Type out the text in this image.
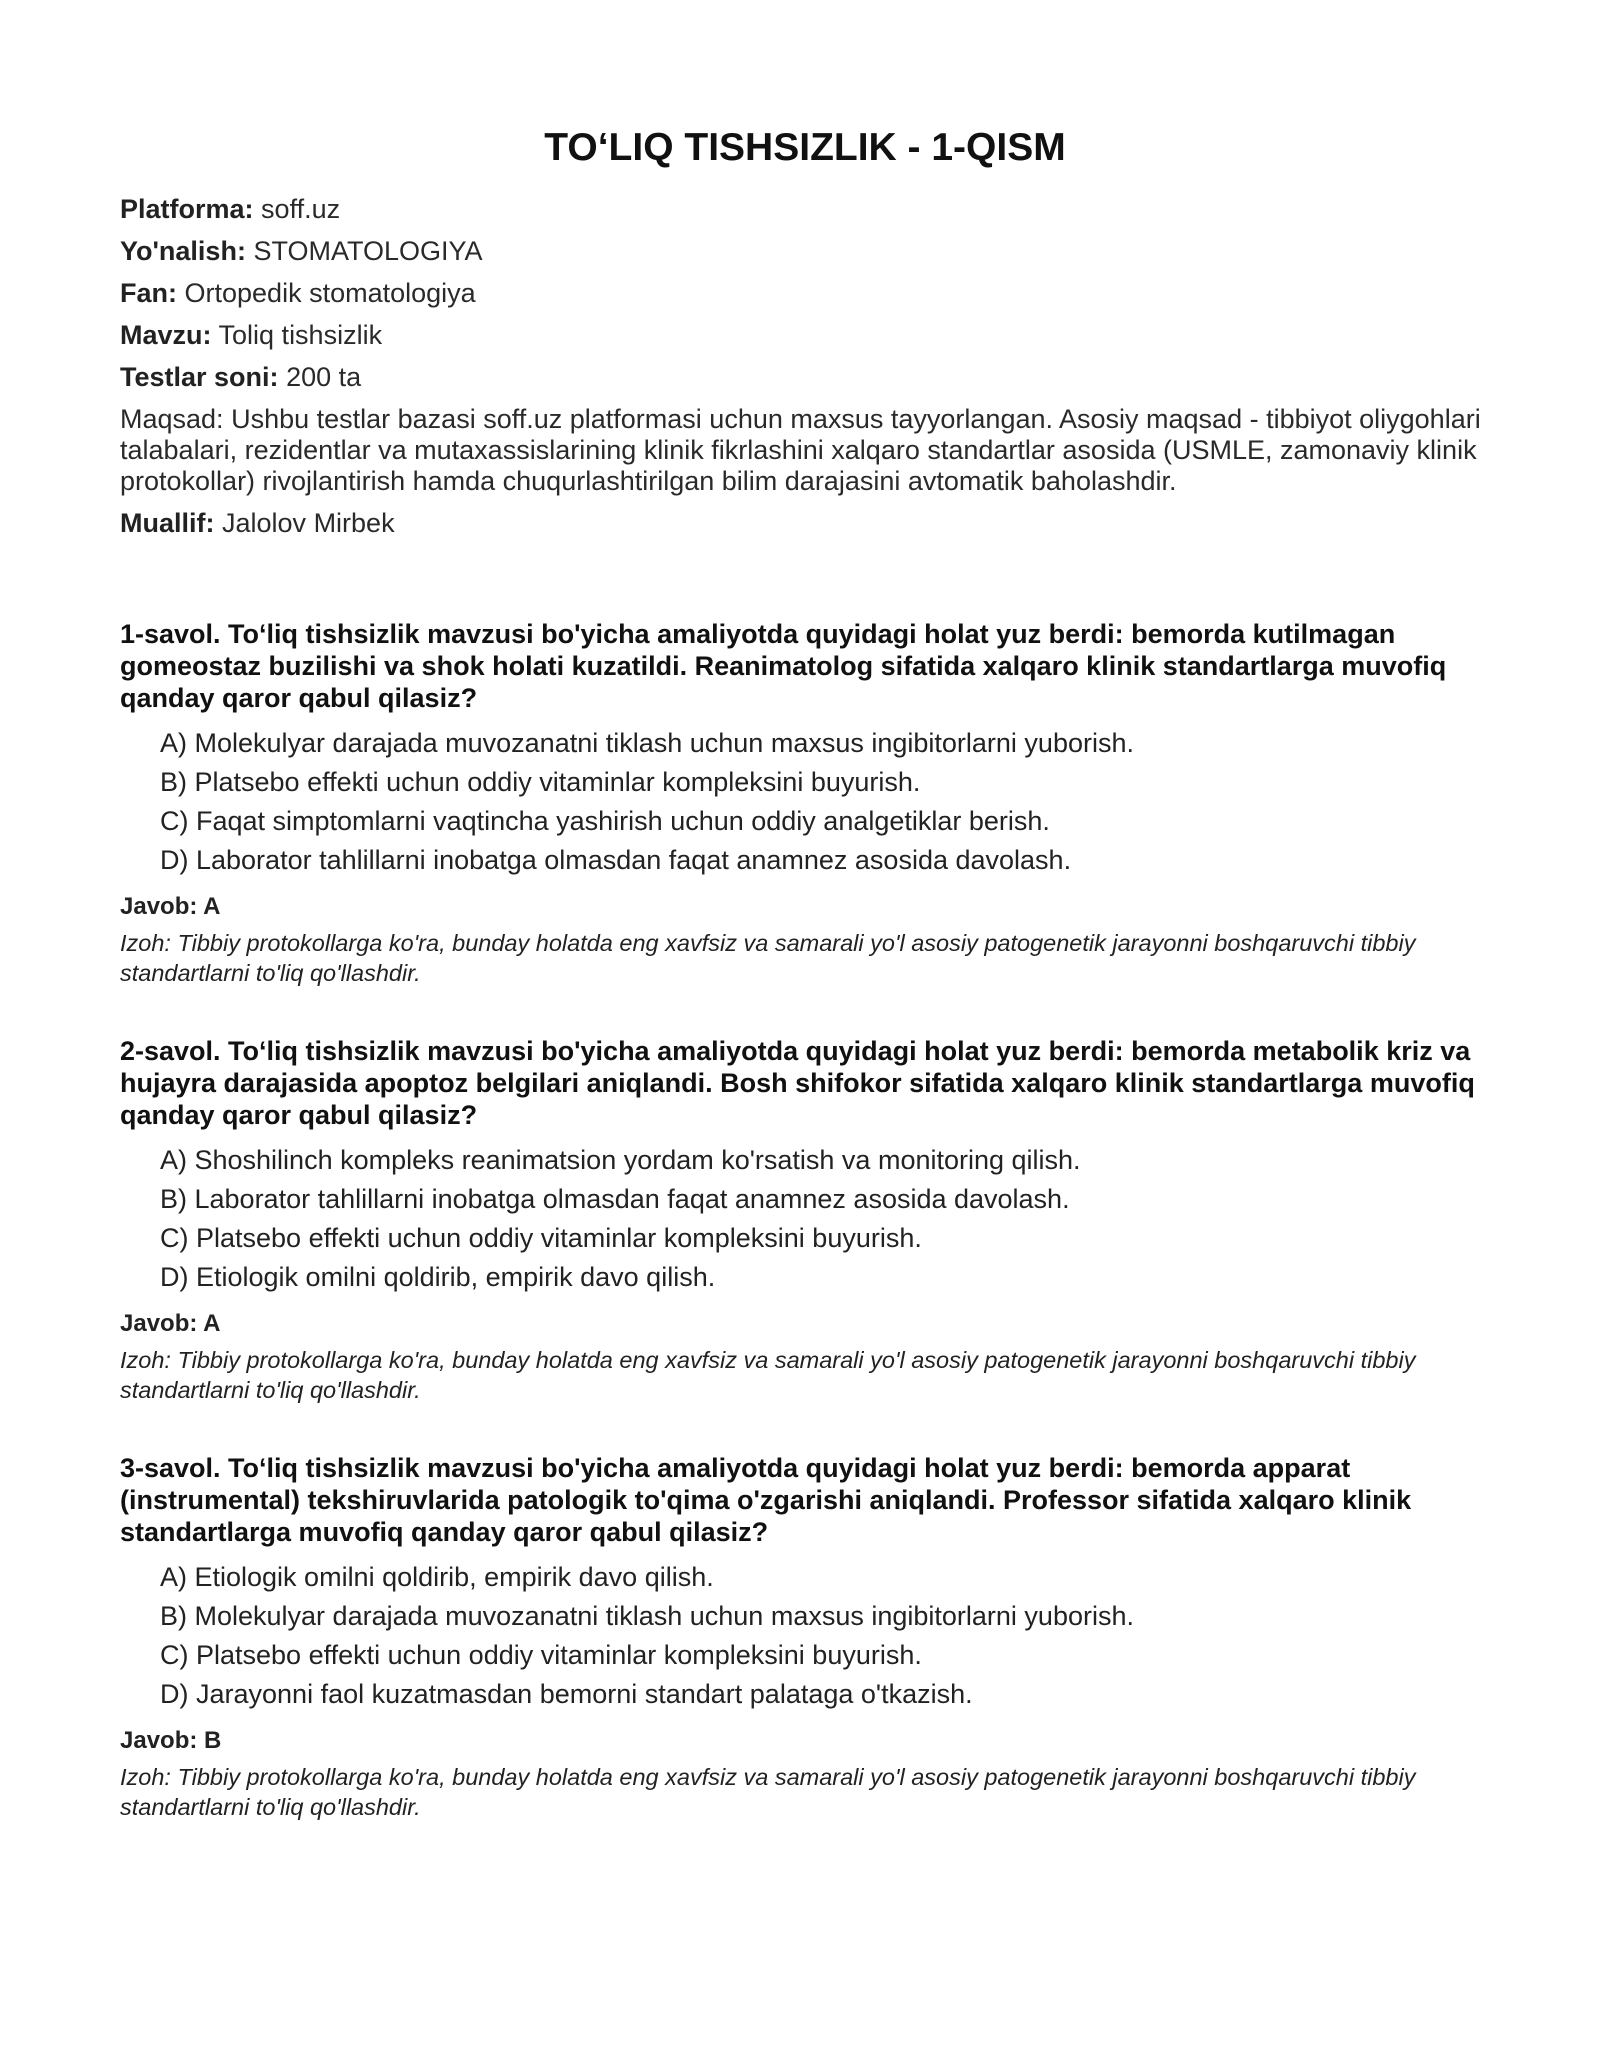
TO‘LIQ TISHSIZLIK - 1-QISM

Platforma: soff.uz

Yo'nalish: STOMATOLOGIYA

Fan: Ortopedik stomatologiya

Mavzu: Toliq tishsizlik

Testlar soni: 200 ta

Maqsad: Ushbu testlar bazasi soff.uz platformasi uchun maxsus tayyorlangan. Asosiy maqsad - tibbiyot oliygohlari talabalari, rezidentlar va mutaxassislarining klinik fikrlashini xalqaro standartlar asosida (USMLE, zamonaviy klinik protokollar) rivojlantirish hamda chuqurlashtirilgan bilim darajasini avtomatik baholashdir.

Muallif: Jalolov Mirbek

1-savol. To‘liq tishsizlik mavzusi bo'yicha amaliyotda quyidagi holat yuz berdi: bemorda kutilmagan gomeostaz buzilishi va shok holati kuzatildi. Reanimatolog sifatida xalqaro klinik standartlarga muvofiq qanday qaror qabul qilasiz?

A) Molekulyar darajada muvozanatni tiklash uchun maxsus ingibitorlarni yuborish.

B) Platsebo effekti uchun oddiy vitaminlar kompleksini buyurish.

C) Faqat simptomlarni vaqtincha yashirish uchun oddiy analgetiklar berish.

D) Laborator tahlillarni inobatga olmasdan faqat anamnez asosida davolash.

Javob: A

Izoh: Tibbiy protokollarga ko'ra, bunday holatda eng xavfsiz va samarali yo'l asosiy patogenetik jarayonni boshqaruvchi tibbiy standartlarni to'liq qo'llashdir.

2-savol. To‘liq tishsizlik mavzusi bo'yicha amaliyotda quyidagi holat yuz berdi: bemorda metabolik kriz va hujayra darajasida apoptoz belgilari aniqlandi. Bosh shifokor sifatida xalqaro klinik standartlarga muvofiq qanday qaror qabul qilasiz?

A) Shoshilinch kompleks reanimatsion yordam ko'rsatish va monitoring qilish.

B) Laborator tahlillarni inobatga olmasdan faqat anamnez asosida davolash.

C) Platsebo effekti uchun oddiy vitaminlar kompleksini buyurish.

D) Etiologik omilni qoldirib, empirik davo qilish.

Javob: A

Izoh: Tibbiy protokollarga ko'ra, bunday holatda eng xavfsiz va samarali yo'l asosiy patogenetik jarayonni boshqaruvchi tibbiy standartlarni to'liq qo'llashdir.

3-savol. To‘liq tishsizlik mavzusi bo'yicha amaliyotda quyidagi holat yuz berdi: bemorda apparat (instrumental) tekshiruvlarida patologik to'qima o'zgarishi aniqlandi. Professor sifatida xalqaro klinik standartlarga muvofiq qanday qaror qabul qilasiz?

A) Etiologik omilni qoldirib, empirik davo qilish.

B) Molekulyar darajada muvozanatni tiklash uchun maxsus ingibitorlarni yuborish.

C) Platsebo effekti uchun oddiy vitaminlar kompleksini buyurish.

D) Jarayonni faol kuzatmasdan bemorni standart palataga o'tkazish.

Javob: B

Izoh: Tibbiy protokollarga ko'ra, bunday holatda eng xavfsiz va samarali yo'l asosiy patogenetik jarayonni boshqaruvchi tibbiy standartlarni to'liq qo'llashdir.
